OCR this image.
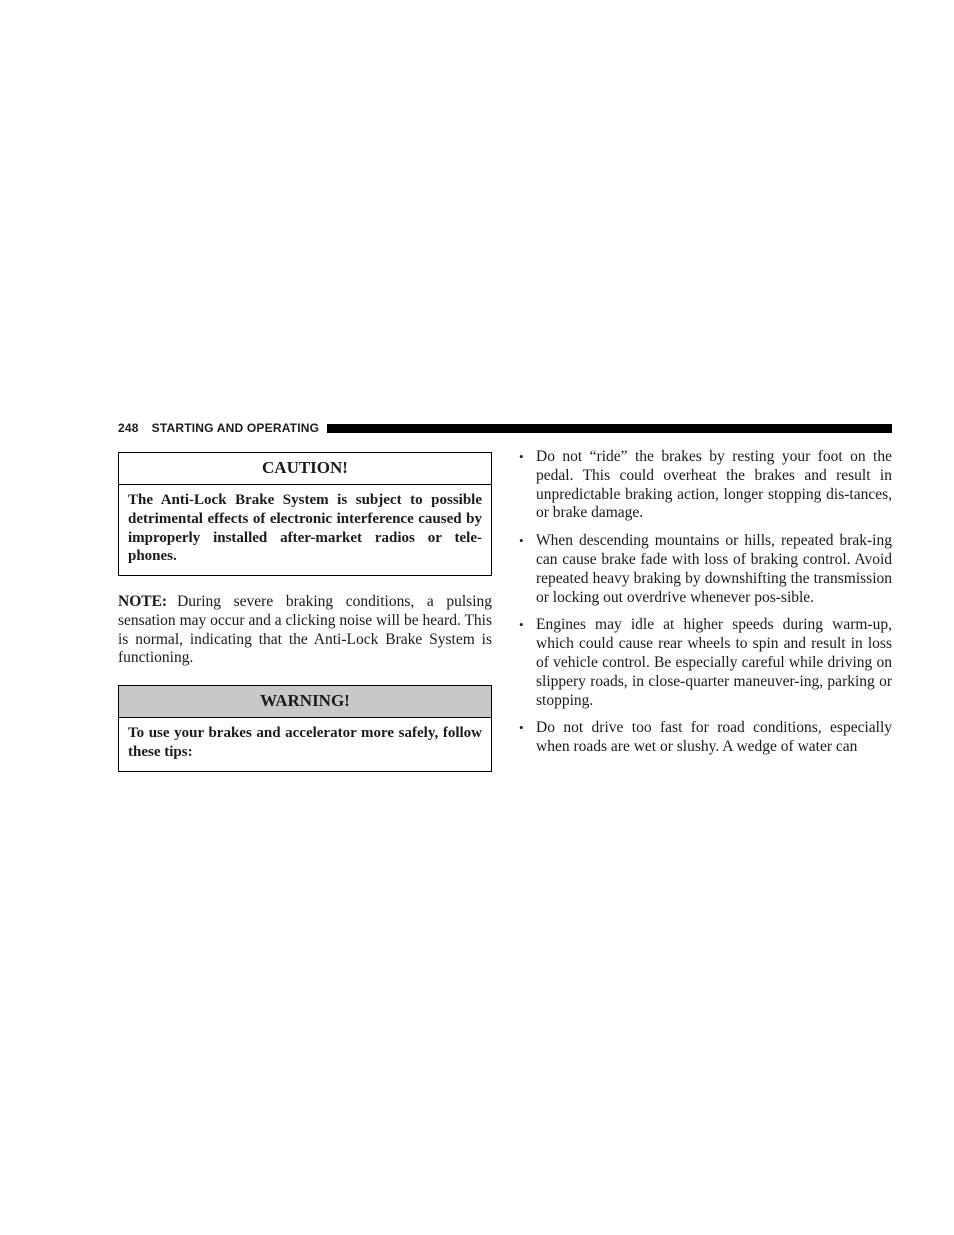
248 STARTING AND OPERATING
CAUTION!
The Anti-Lock Brake System is subject to possible detrimental effects of electronic interference caused by improperly installed after-market radios or tele-phones.
NOTE: During severe braking conditions, a pulsing sensation may occur and a clicking noise will be heard. This is normal, indicating that the Anti-Lock Brake System is functioning.
WARNING!
To use your brakes and accelerator more safely, follow these tips:
• Do not “ride” the brakes by resting your foot on the pedal. This could overheat the brakes and result in unpredictable braking action, longer stopping dis-tances, or brake damage.
• When descending mountains or hills, repeated brak-ing can cause brake fade with loss of braking control. Avoid repeated heavy braking by downshifting the transmission or locking out overdrive whenever pos-sible.
• Engines may idle at higher speeds during warm-up, which could cause rear wheels to spin and result in loss of vehicle control. Be especially careful while driving on slippery roads, in close-quarter maneuver-ing, parking or stopping.
• Do not drive too fast for road conditions, especially when roads are wet or slushy. A wedge of water can
